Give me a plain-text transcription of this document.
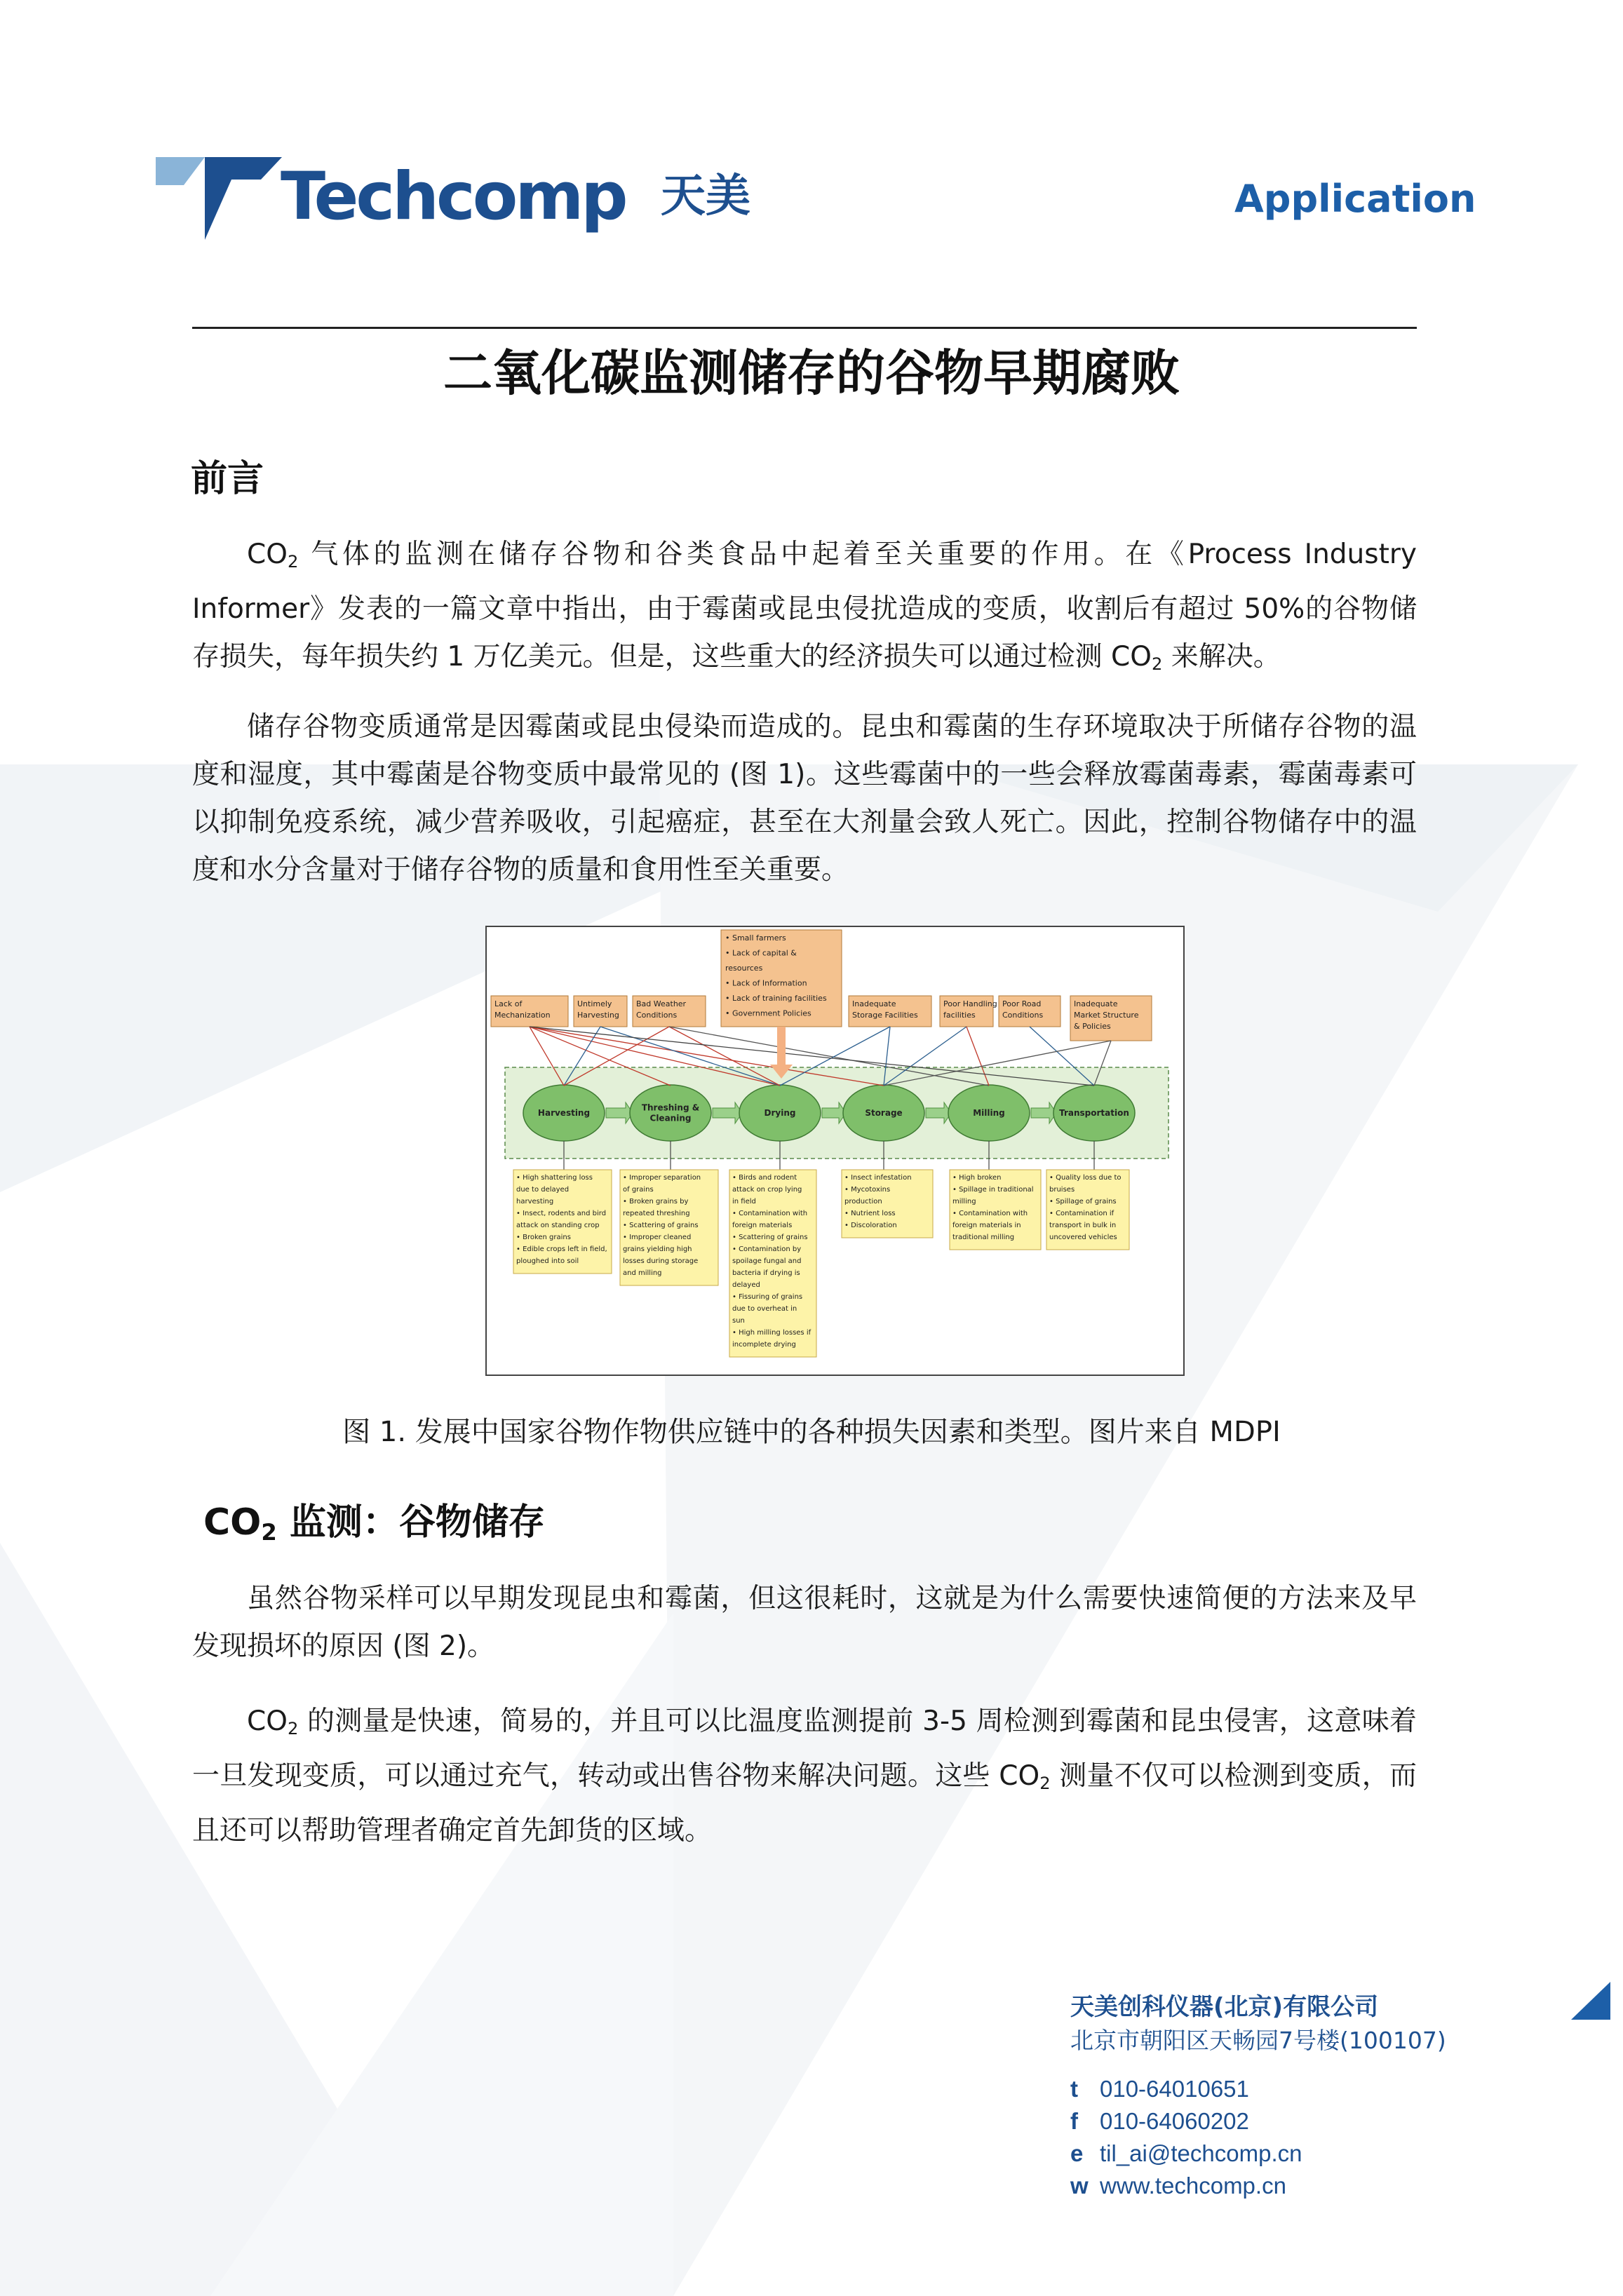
Techcomp 天美	Application
二氧化碳监测储存的谷物早期腐败
前言
$CO_2$ 气体的监测在储存谷物和谷类食品中起着至关重要的作用。在《Process Industry Informer》发表的一篇文章中指出，由于霉菌或昆虫侵扰造成的变质，收割后有超过 50%的谷物储存损失，每年损失约 1 万亿美元。但是，这些重大的经济损失可以通过检测 $CO_2$ 来解决。
储存谷物变质通常是因霉菌或昆虫侵染而造成的。昆虫和霉菌的生存环境取决于所储存谷物的温度和湿度，其中霉菌是谷物变质中最常见的 (图 1)。这些霉菌中的一些会释放霉菌毒素，霉菌毒素可以抑制免疫系统，减少营养吸收，引起癌症，甚至在大剂量会致人死亡。因此，控制谷物储存中的温度和水分含量对于储存谷物的质量和食用性至关重要。
• Small farmers
• Lack of capital &
resources
• Lack of Information
• Lack of training facilities
• Government Policies
Lack of
Mechanization
Untimely
Harvesting
Bad Weather
Conditions
Inadequate
Storage Facilities
Poor Handling
facilities
Poor Road
Conditions
Inadequate
Market Structure
& Policies
Harvesting
Threshing &
Cleaning
Drying	Storage	Milling	Transportation
• High shattering loss
due to delayed
harvesting
• Insect, rodents and bird
attack on standing crop
• Broken grains
• Edible crops left in field,
ploughed into soil
• Improper separation
of grains
• Broken grains by
repeated threshing
• Scattering of grains
• Improper cleaned
grains yielding high
losses during storage
and milling
• Birds and rodent
attack on crop lying
in field
• Contamination with
foreign materials
• Scattering of grains
• Contamination by
spoilage fungal and
bacteria if drying is
delayed
• Fissuring of grains
due to overheat in
sun
• High milling losses if
incomplete drying
• Insect infestation
• Mycotoxins
production
• Nutrient loss
• Discoloration
• High broken
• Spillage in traditional
milling
• Contamination with
foreign materials in
traditional milling
• Quality loss due to
bruises
• Spillage of grains
• Contamination if
transport in bulk in
uncovered vehicles
图 1. 发展中国家谷物作物供应链中的各种损失因素和类型。图片来自 MDPI
$CO_2$ 监测：谷物储存
虽然谷物采样可以早期发现昆虫和霉菌，但这很耗时，这就是为什么需要快速简便的方法来及早发现损坏的原因 (图 2)。
$CO_2$ 的测量是快速，简易的，并且可以比温度监测提前 3-5 周检测到霉菌和昆虫侵害，这意味着一旦发现变质，可以通过充气，转动或出售谷物来解决问题。这些 $CO_2$ 测量不仅可以检测到变质，而且还可以帮助管理者确定首先卸货的区域。
天美创科仪器(北京)有限公司
北京市朝阳区天畅园7号楼(100107)
t 010-64010651
f 010-64060202
e til_ai@techcomp.cn
w www.techcomp.cn
